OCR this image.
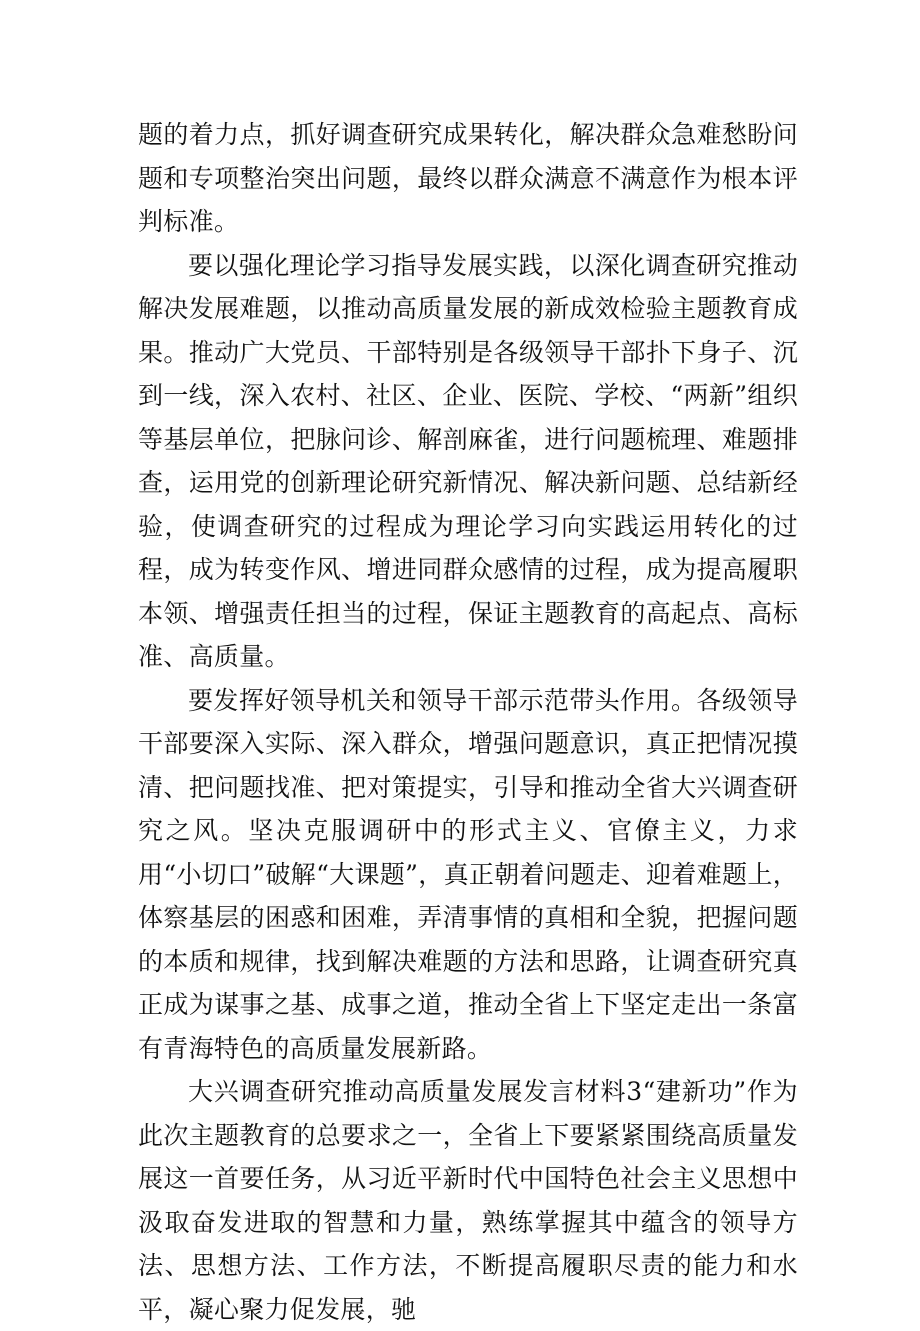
题的着力点，抓好调查研究成果转化，解决群众急难愁盼问题和专项整治突出问题，最终以群众满意不满意作为根本评判标准。

要以强化理论学习指导发展实践，以深化调查研究推动解决发展难题，以推动高质量发展的新成效检验主题教育成果。推动广大党员、干部特别是各级领导干部扑下身子、沉到一线，深入农村、社区、企业、医院、学校、“两新”组织等基层单位，把脉问诊、解剖麻雀，进行问题梳理、难题排查，运用党的创新理论研究新情况、解决新问题、总结新经验，使调查研究的过程成为理论学习向实践运用转化的过程，成为转变作风、增进同群众感情的过程，成为提高履职本领、增强责任担当的过程，保证主题教育的高起点、高标准、高质量。

要发挥好领导机关和领导干部示范带头作用。各级领导干部要深入实际、深入群众，增强问题意识，真正把情况摸清、把问题找准、把对策提实，引导和推动全省大兴调查研究之风。坚决克服调研中的形式主义、官僚主义，力求用“小切口”破解“大课题”，真正朝着问题走、迎着难题上，体察基层的困惑和困难，弄清事情的真相和全貌，把握问题的本质和规律，找到解决难题的方法和思路，让调查研究真正成为谋事之基、成事之道，推动全省上下坚定走出一条富有青海特色的高质量发展新路。

大兴调查研究推动高质量发展发言材料3“建新功”作为此次主题教育的总要求之一，全省上下要紧紧围绕高质量发展这一首要任务，从习近平新时代中国特色社会主义思想中汲取奋发进取的智慧和力量，熟练掌握其中蕴含的领导方法、思想方法、工作方法，不断提高履职尽责的能力和水平，凝心聚力促发展，驰
